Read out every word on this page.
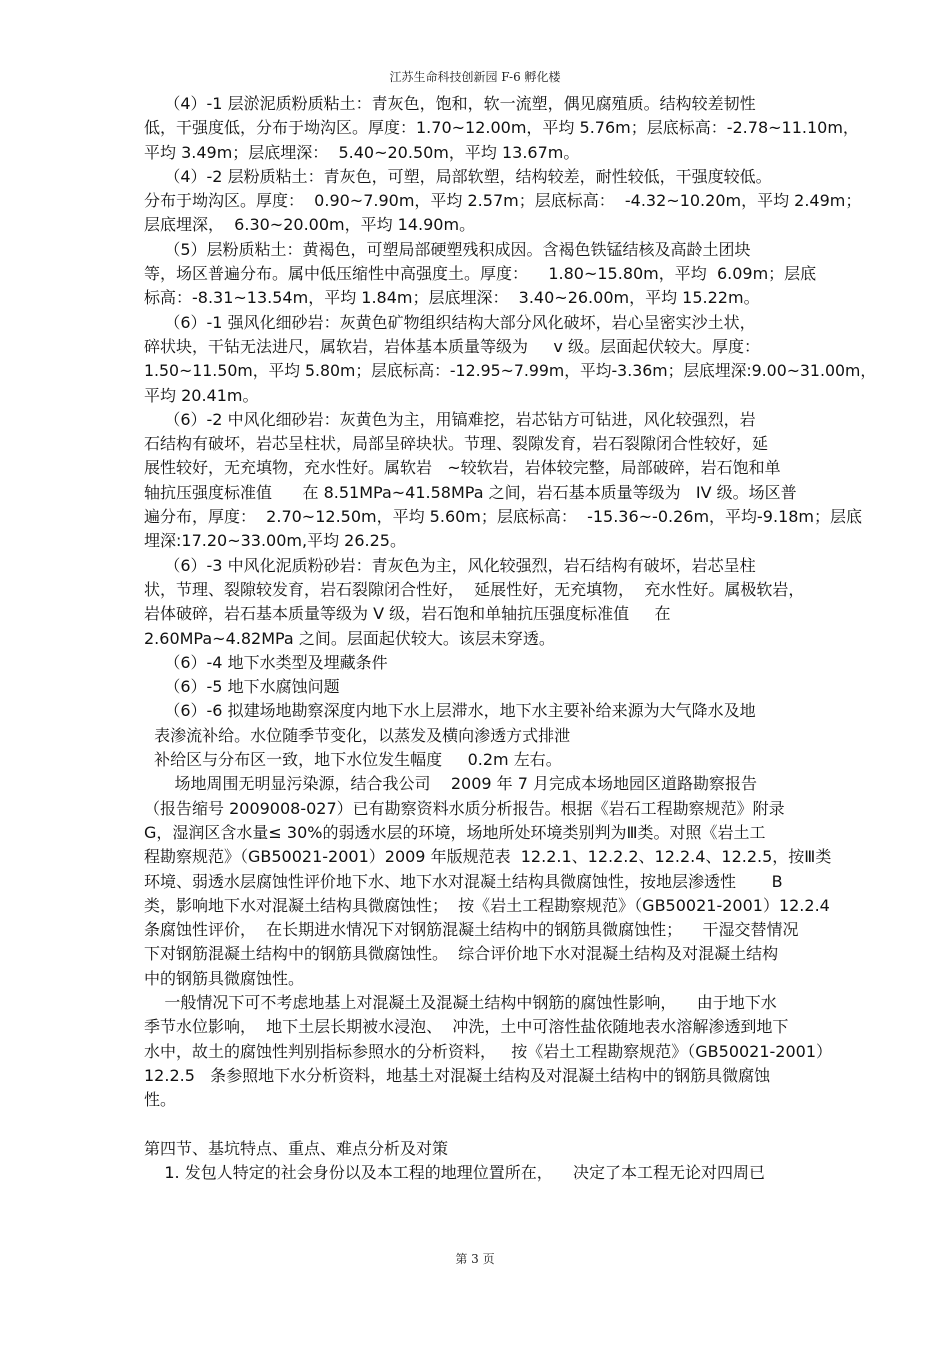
江苏生命科技创新园 F-6 孵化楼
（4）-1 层淤泥质粉质粘土：青灰色，饱和，软一流塑，偶见腐殖质。结构较差韧性
低，干强度低，分布于坳沟区。厚度：1.70~12.00m，平均 5.76m；层底标高：-2.78~11.10m，
平均 3.49m；层底埋深：  5.40~20.50m，平均 13.67m。
（4）-2 层粉质粘土：青灰色，可塑，局部软塑，结构较差，耐性较低，干强度较低。
分布于坳沟区。厚度：  0.90~7.90m，平均 2.57m；层底标高：  -4.32~10.20m，平均 2.49m；
层底埋深，  6.30~20.00m，平均 14.90m。
（5）层粉质粘土：黄褐色，可塑局部硬塑残积成因。含褐色铁锰结核及高龄土团块
等，场区普遍分布。属中低压缩性中高强度土。厚度：    1.80~15.80m，平均  6.09m；层底
标高：-8.31~13.54m，平均 1.84m；层底埋深：  3.40~26.00m，平均 15.22m。
（6）-1 强风化细砂岩：灰黄色矿物组织结构大部分风化破坏，岩心呈密实沙土状，
碎状块，干钻无法进尺，属软岩，岩体基本质量等级为     v 级。层面起伏较大。厚度：
1.50~11.50m，平均 5.80m；层底标高：-12.95~7.99m，平均-3.36m；层底埋深:9.00~31.00m，
平均 20.41m。
（6）-2 中风化细砂岩：灰黄色为主，用镐难挖，岩芯钻方可钻进，风化较强烈，岩
石结构有破坏，岩芯呈柱状，局部呈碎块状。节理、裂隙发育，岩石裂隙闭合性较好，延
展性较好，无充填物，充水性好。属软岩   ~较软岩，岩体较完整，局部破碎，岩石饱和单
轴抗压强度标准值      在 8.51MPa~41.58MPa 之间，岩石基本质量等级为   IV 级。场区普
遍分布，厚度：  2.70~12.50m，平均 5.60m；层底标高：  -15.36~-0.26m，平均-9.18m；层底
埋深:17.20~33.00m,平均 26.25。
（6）-3 中风化泥质粉砂岩：青灰色为主，风化较强烈，岩石结构有破坏，岩芯呈柱
状，节理、裂隙较发育，岩石裂隙闭合性好，  延展性好，无充填物，  充水性好。属极软岩，
岩体破碎，岩石基本质量等级为 V 级，岩石饱和单轴抗压强度标准值     在
2.60MPa~4.82MPa 之间。层面起伏较大。该层未穿透。
（6）-4 地下水类型及埋藏条件
（6）-5 地下水腐蚀问题
（6）-6 拟建场地勘察深度内地下水上层滞水，地下水主要补给来源为大气降水及地
表渗流补给。水位随季节变化，以蒸发及横向渗透方式排泄
补给区与分布区一致，地下水位发生幅度     0.2m 左右。
场地周围无明显污染源，结合我公司    2009 年 7 月完成本场地园区道路勘察报告
（报告缩号 2009008-027）已有勘察资料水质分析报告。根据《岩石工程勘察规范》附录
G，湿润区含水量≤ 30%的弱透水层的环境，场地所处环境类别判为Ⅲ类。对照《岩土工
程勘察规范》（GB50021-2001）2009 年版规范表  12.2.1、12.2.2、12.2.4、12.2.5，按Ⅲ类
环境、弱透水层腐蚀性评价地下水、地下水对混凝土结构具微腐蚀性，按地层渗透性       B
类，影响地下水对混凝土结构具微腐蚀性；  按《岩土工程勘察规范》（GB50021-2001）12.2.4
条腐蚀性评价，  在长期进水情况下对钢筋混凝土结构中的钢筋具微腐蚀性；    干湿交替情况
下对钢筋混凝土结构中的钢筋具微腐蚀性。  综合评价地下水对混凝土结构及对混凝土结构
中的钢筋具微腐蚀性。
一般情况下可不考虑地基上对混凝土及混凝土结构中钢筋的腐蚀性影响，    由于地下水
季节水位影响，  地下土层长期被水浸泡、  冲洗，土中可溶性盐依随地表水溶解渗透到地下
水中，故土的腐蚀性判别指标参照水的分析资料，   按《岩土工程勘察规范》（GB50021-2001）
12.2.5   条参照地下水分析资料，地基土对混凝土结构及对混凝土结构中的钢筋具微腐蚀
性。
第四节、基坑特点、重点、难点分析及对策
1. 发包人特定的社会身份以及本工程的地理位置所在，    决定了本工程无论对四周已
第 3 页
